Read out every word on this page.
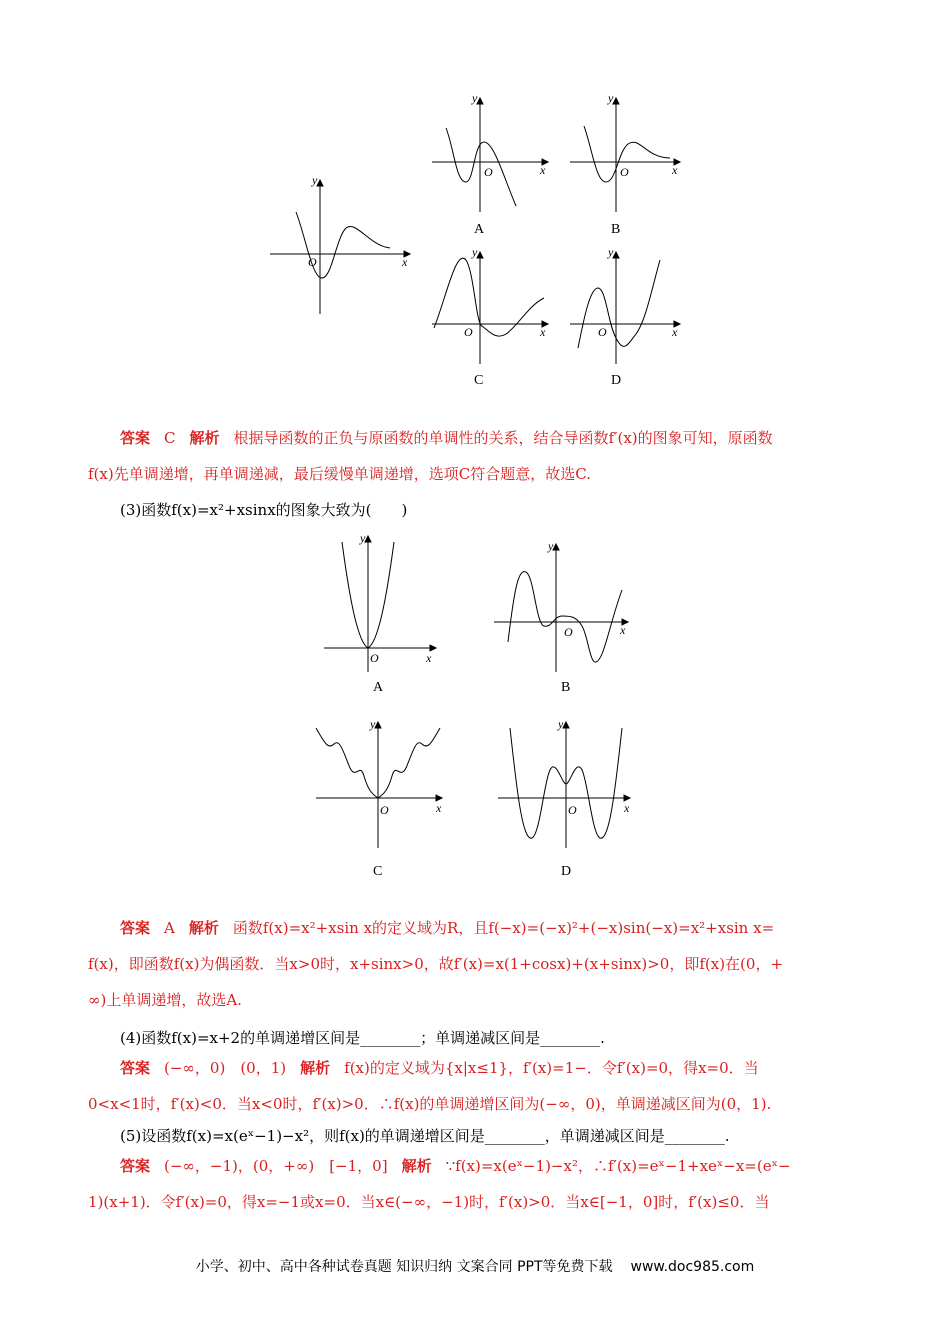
y
x
O
y
x
O
y
x
O
y
x
O
y
x
O
A	B
C	D
答案 C 解析 根据导函数的正负与原函数的单调性的关系，结合导函数f′(x)的图象可知，原函数
f(x)先单调递增，再单调递减，最后缓慢单调递增，选项C符合题意，故选C.
(3)函数f(x)=x²+xsinx的图象大致为(　　)
y
x
O
y
x
O
y
x
O
y
x
O
A	B
C	D
答案 A 解析 函数f(x)=x²+xsin x的定义域为R，且f(−x)=(−x)²+(−x)sin(−x)=x²+xsin x=
f(x)，即函数f(x)为偶函数．当x>0时，x+sinx>0，故f′(x)=x(1+cosx)+(x+sinx)>0，即f(x)在(0，+
∞)上单调递增，故选A.
(4)函数f(x)=x+2的单调递增区间是________；单调递减区间是________.
答案 (−∞，0)　(0，1) 解析 f(x)的定义域为{x|x≤1}，f′(x)=1−．令f′(x)=0，得x=0．当
0<x<1时，f′(x)<0．当x<0时，f′(x)>0．∴f(x)的单调递增区间为(−∞，0)，单调递减区间为(0，1).
(5)设函数f(x)=x(eˣ−1)−x²，则f(x)的单调递增区间是________，单调递减区间是________.
答案 (−∞，−1)，(0，+∞)　[−1，0] 解析 ∵f(x)=x(eˣ−1)−x²，∴f′(x)=eˣ−1+xeˣ−x=(eˣ−
1)(x+1)．令f′(x)=0，得x=−1或x=0．当x∈(−∞，−1)时，f′(x)>0．当x∈[−1，0]时，f′(x)≤0．当
小学、初中、高中各种试卷真题 知识归纳 文案合同 PPT等免费下载 www.doc985.com
